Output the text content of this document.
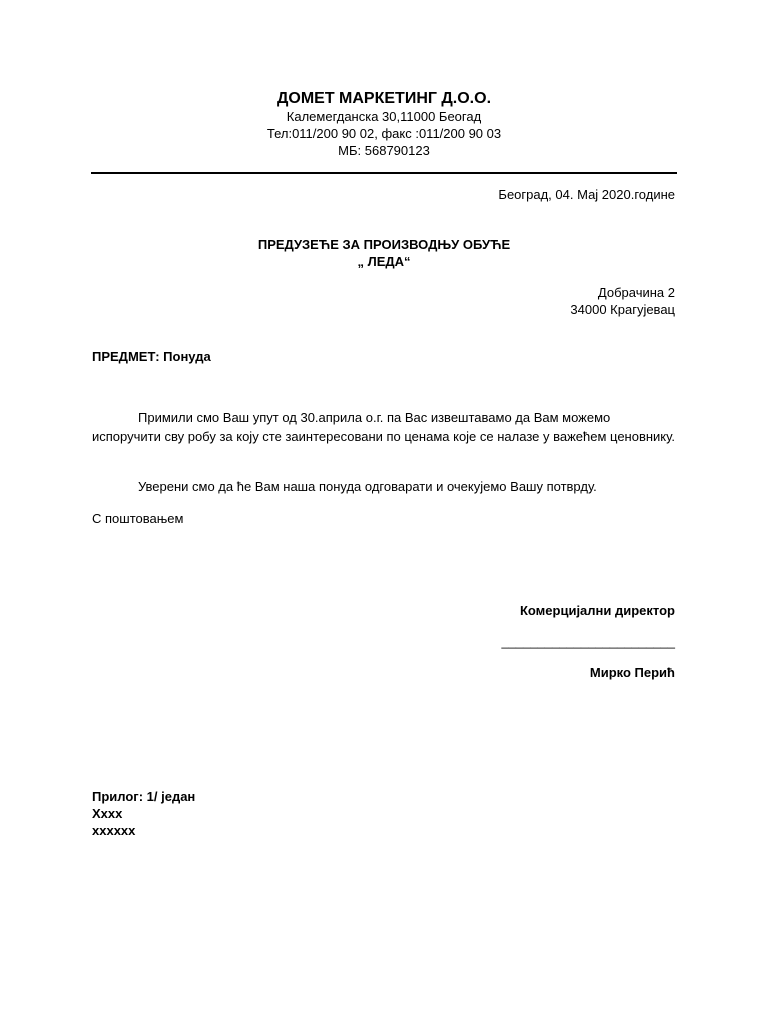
ДОМЕТ МАРКЕТИНГ Д.О.О.
Калемегданска 30,11000 Беогад
Тел:011/200 90 02, факс :011/200 90 03
МБ: 568790123
Београд, 04. Мај 2020.године
ПРЕДУЗЕЋЕ ЗА ПРОИЗВОДЊУ ОБУЋЕ
„ ЛЕДА“
Добрачина 2
34000 Крагујевац
ПРЕДМЕТ: Понуда
Примили смо Ваш упут од 30.априла о.г. па Вас извештавамо да Вам можемо испоручити сву робу за коју сте заинтересовани по ценама које се налазе у важећем ценовнику.
Уверени смо да ће Вам наша понуда одговарати и очекујемо Вашу потврду.
С поштовањем
Комерцијални директор
________________________
Мирко Перић
Прилог: 1/ један
Хххх
хххххх
